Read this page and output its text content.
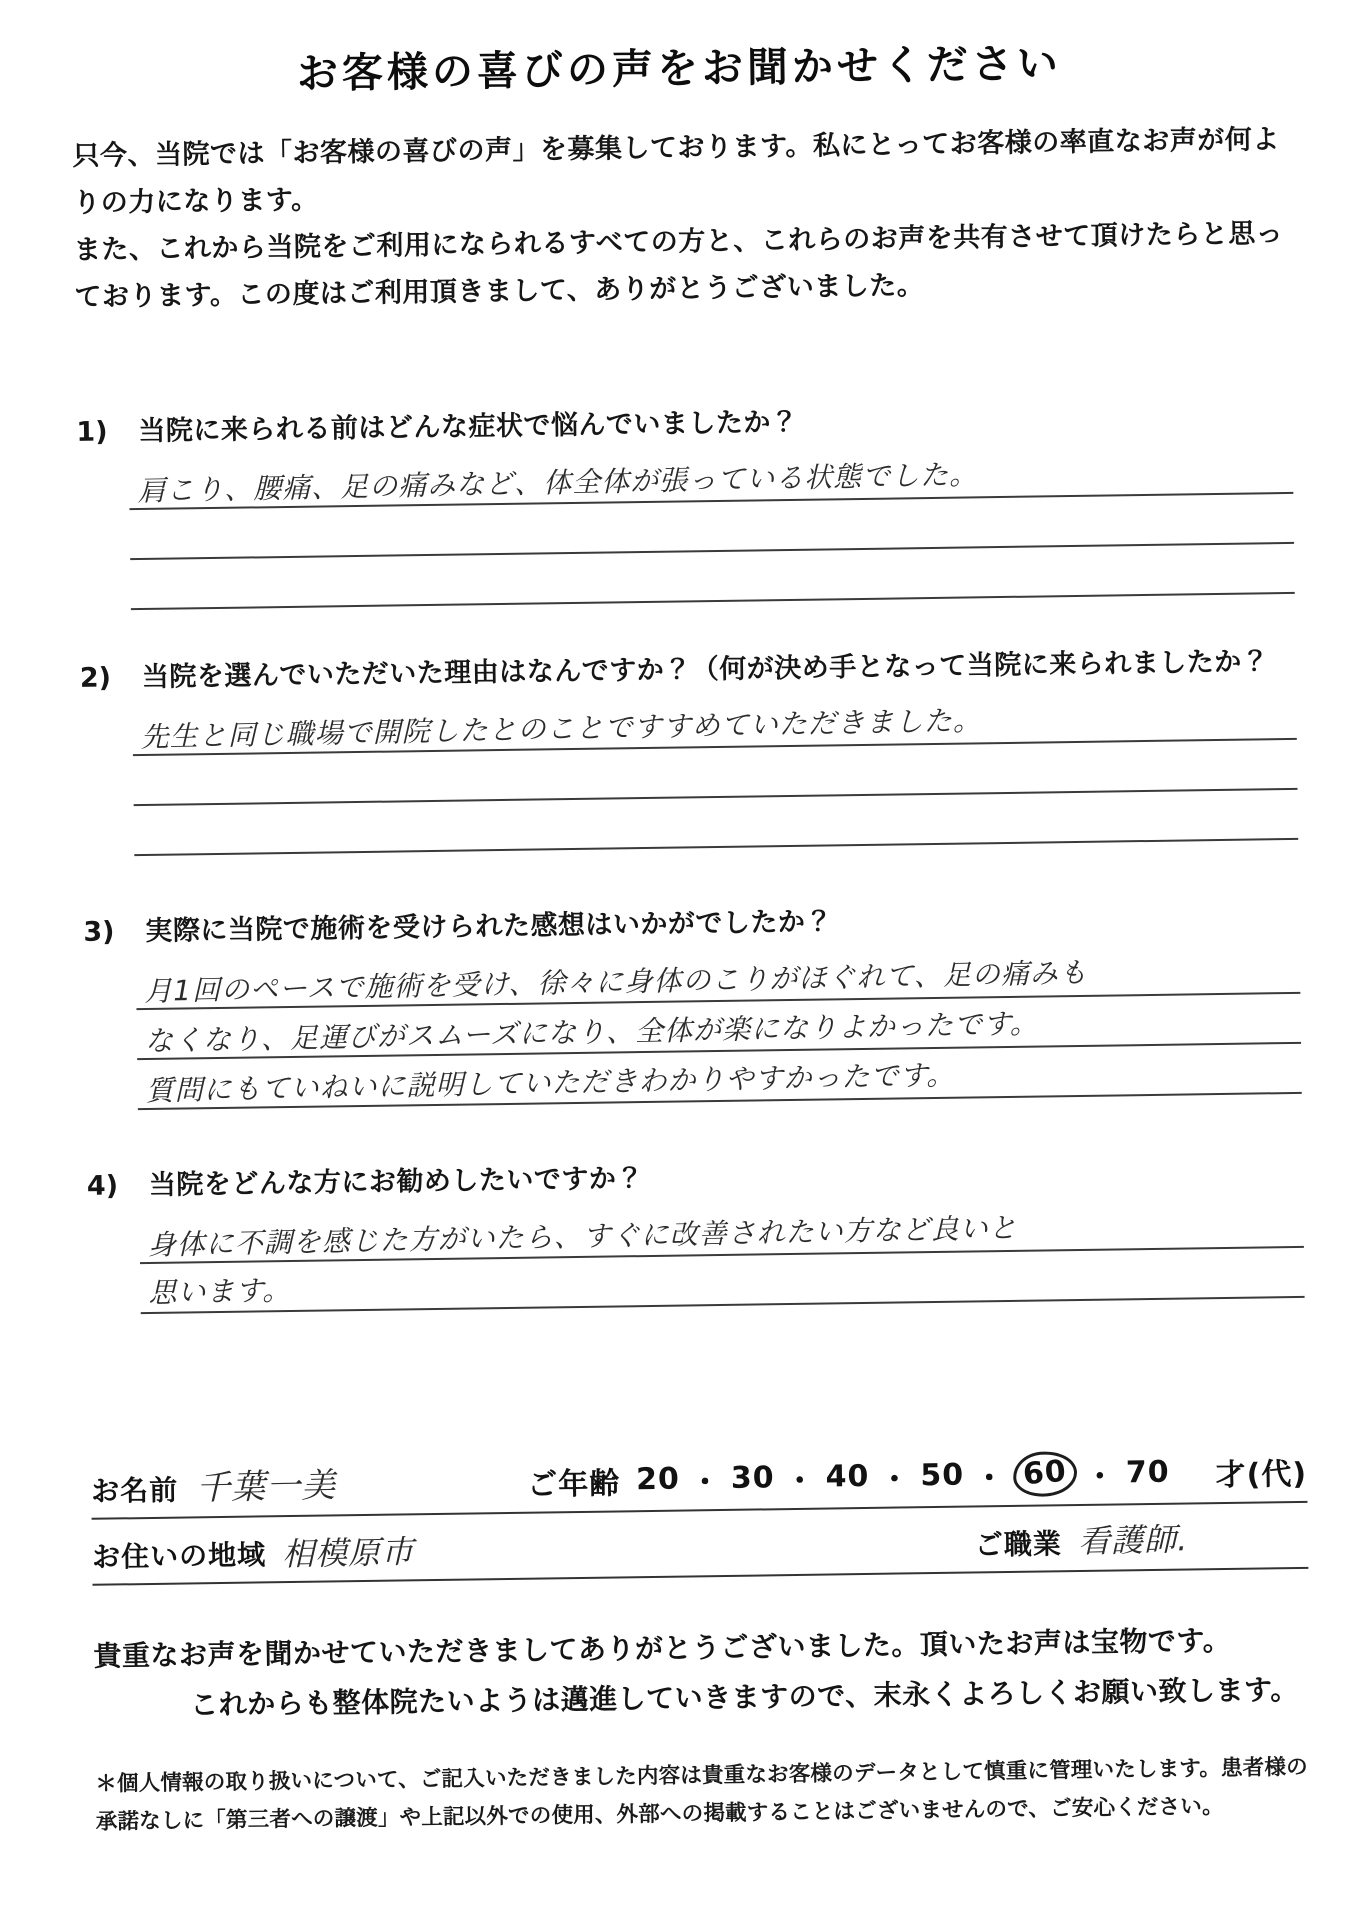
お客様の喜びの声をお聞かせください
只今、当院では「お客様の喜びの声」を募集しております。私にとってお客様の率直なお声が何よりの力になります。
また、これから当院をご利用になられるすべての方と、これらのお声を共有させて頂けたらと思っております。この度はご利用頂きまして、ありがとうございました。
1)	当院に来られる前はどんな症状で悩んでいましたか？
肩こり、腰痛、足の痛みなど、体全体が張っている状態でした。
2)	当院を選んでいただいた理由はなんですか？（何が決め手となって当院に来られましたか？
先生と同じ職場で開院したとのことですすめていただきました。
3)	実際に当院で施術を受けられた感想はいかがでしたか？
月1回のペースで施術を受け、徐々に身体のこりがほぐれて、足の痛みも
なくなり、足運びがスムーズになり、全体が楽になりよかったです。
質問にもていねいに説明していただきわかりやすかったです。
4)	当院をどんな方にお勧めしたいですか？
身体に不調を感じた方がいたら、すぐに改善されたい方など良いと
思います。
お名前 千葉一美	ご年齢 20 ・ 30 ・ 40 ・ 50 ・ 60 ・ 70 才(代)
お住いの地域 相模原市	ご職業 看護師.
貴重なお声を聞かせていただきましてありがとうございました。頂いたお声は宝物です。
これからも整体院たいようは邁進していきますので、末永くよろしくお願い致します。
＊個人情報の取り扱いについて、ご記入いただきました内容は貴重なお客様のデータとして慎重に管理いたします。患者様の承諾なしに「第三者への譲渡」や上記以外での使用、外部への掲載することはございませんので、ご安心ください。
